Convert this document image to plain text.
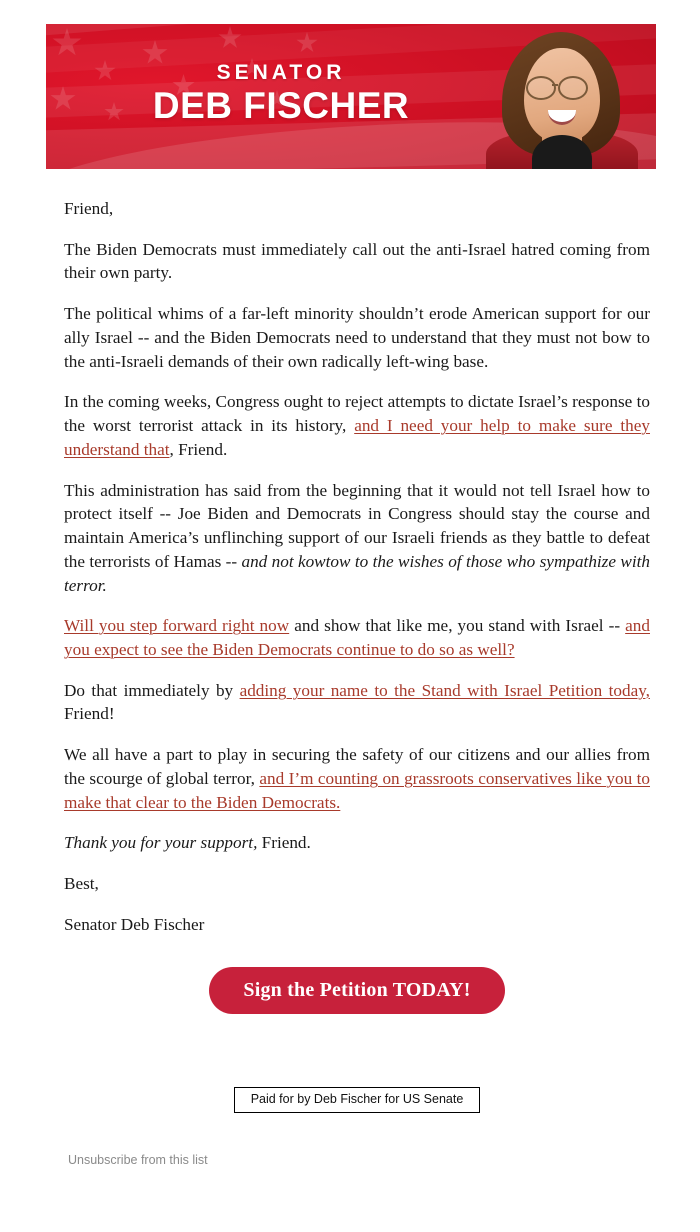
SENATOR
DEB FISCHER

Friend,

The Biden Democrats must immediately call out the anti-Israel hatred coming from their own party.

The political whims of a far-left minority shouldn’t erode American support for our ally Israel -- and the Biden Democrats need to understand that they must not bow to the anti-Israeli demands of their own radically left-wing base.

In the coming weeks, Congress ought to reject attempts to dictate Israel’s response to the worst terrorist attack in its history, and I need your help to make sure they understand that, Friend.

This administration has said from the beginning that it would not tell Israel how to protect itself -- Joe Biden and Democrats in Congress should stay the course and maintain America’s unflinching support of our Israeli friends as they battle to defeat the terrorists of Hamas -- and not kowtow to the wishes of those who sympathize with terror.

Will you step forward right now and show that like me, you stand with Israel -- and you expect to see the Biden Democrats continue to do so as well?

Do that immediately by adding your name to the Stand with Israel Petition today, Friend!

We all have a part to play in securing the safety of our citizens and our allies from the scourge of global terror, and I’m counting on grassroots conservatives like you to make that clear to the Biden Democrats.

Thank you for your support, Friend.

Best,

Senator Deb Fischer

Sign the Petition TODAY!
Paid for by Deb Fischer for US Senate
Unsubscribe from this list
